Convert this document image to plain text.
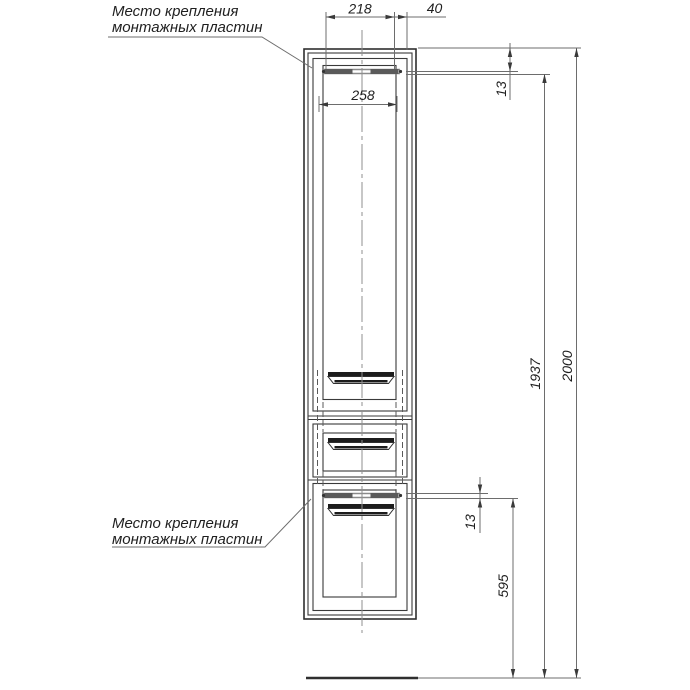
218	40
258	13
1937 2000
13
595
Место крепления
монтажных пластин
Место крепления
монтажных пластин
